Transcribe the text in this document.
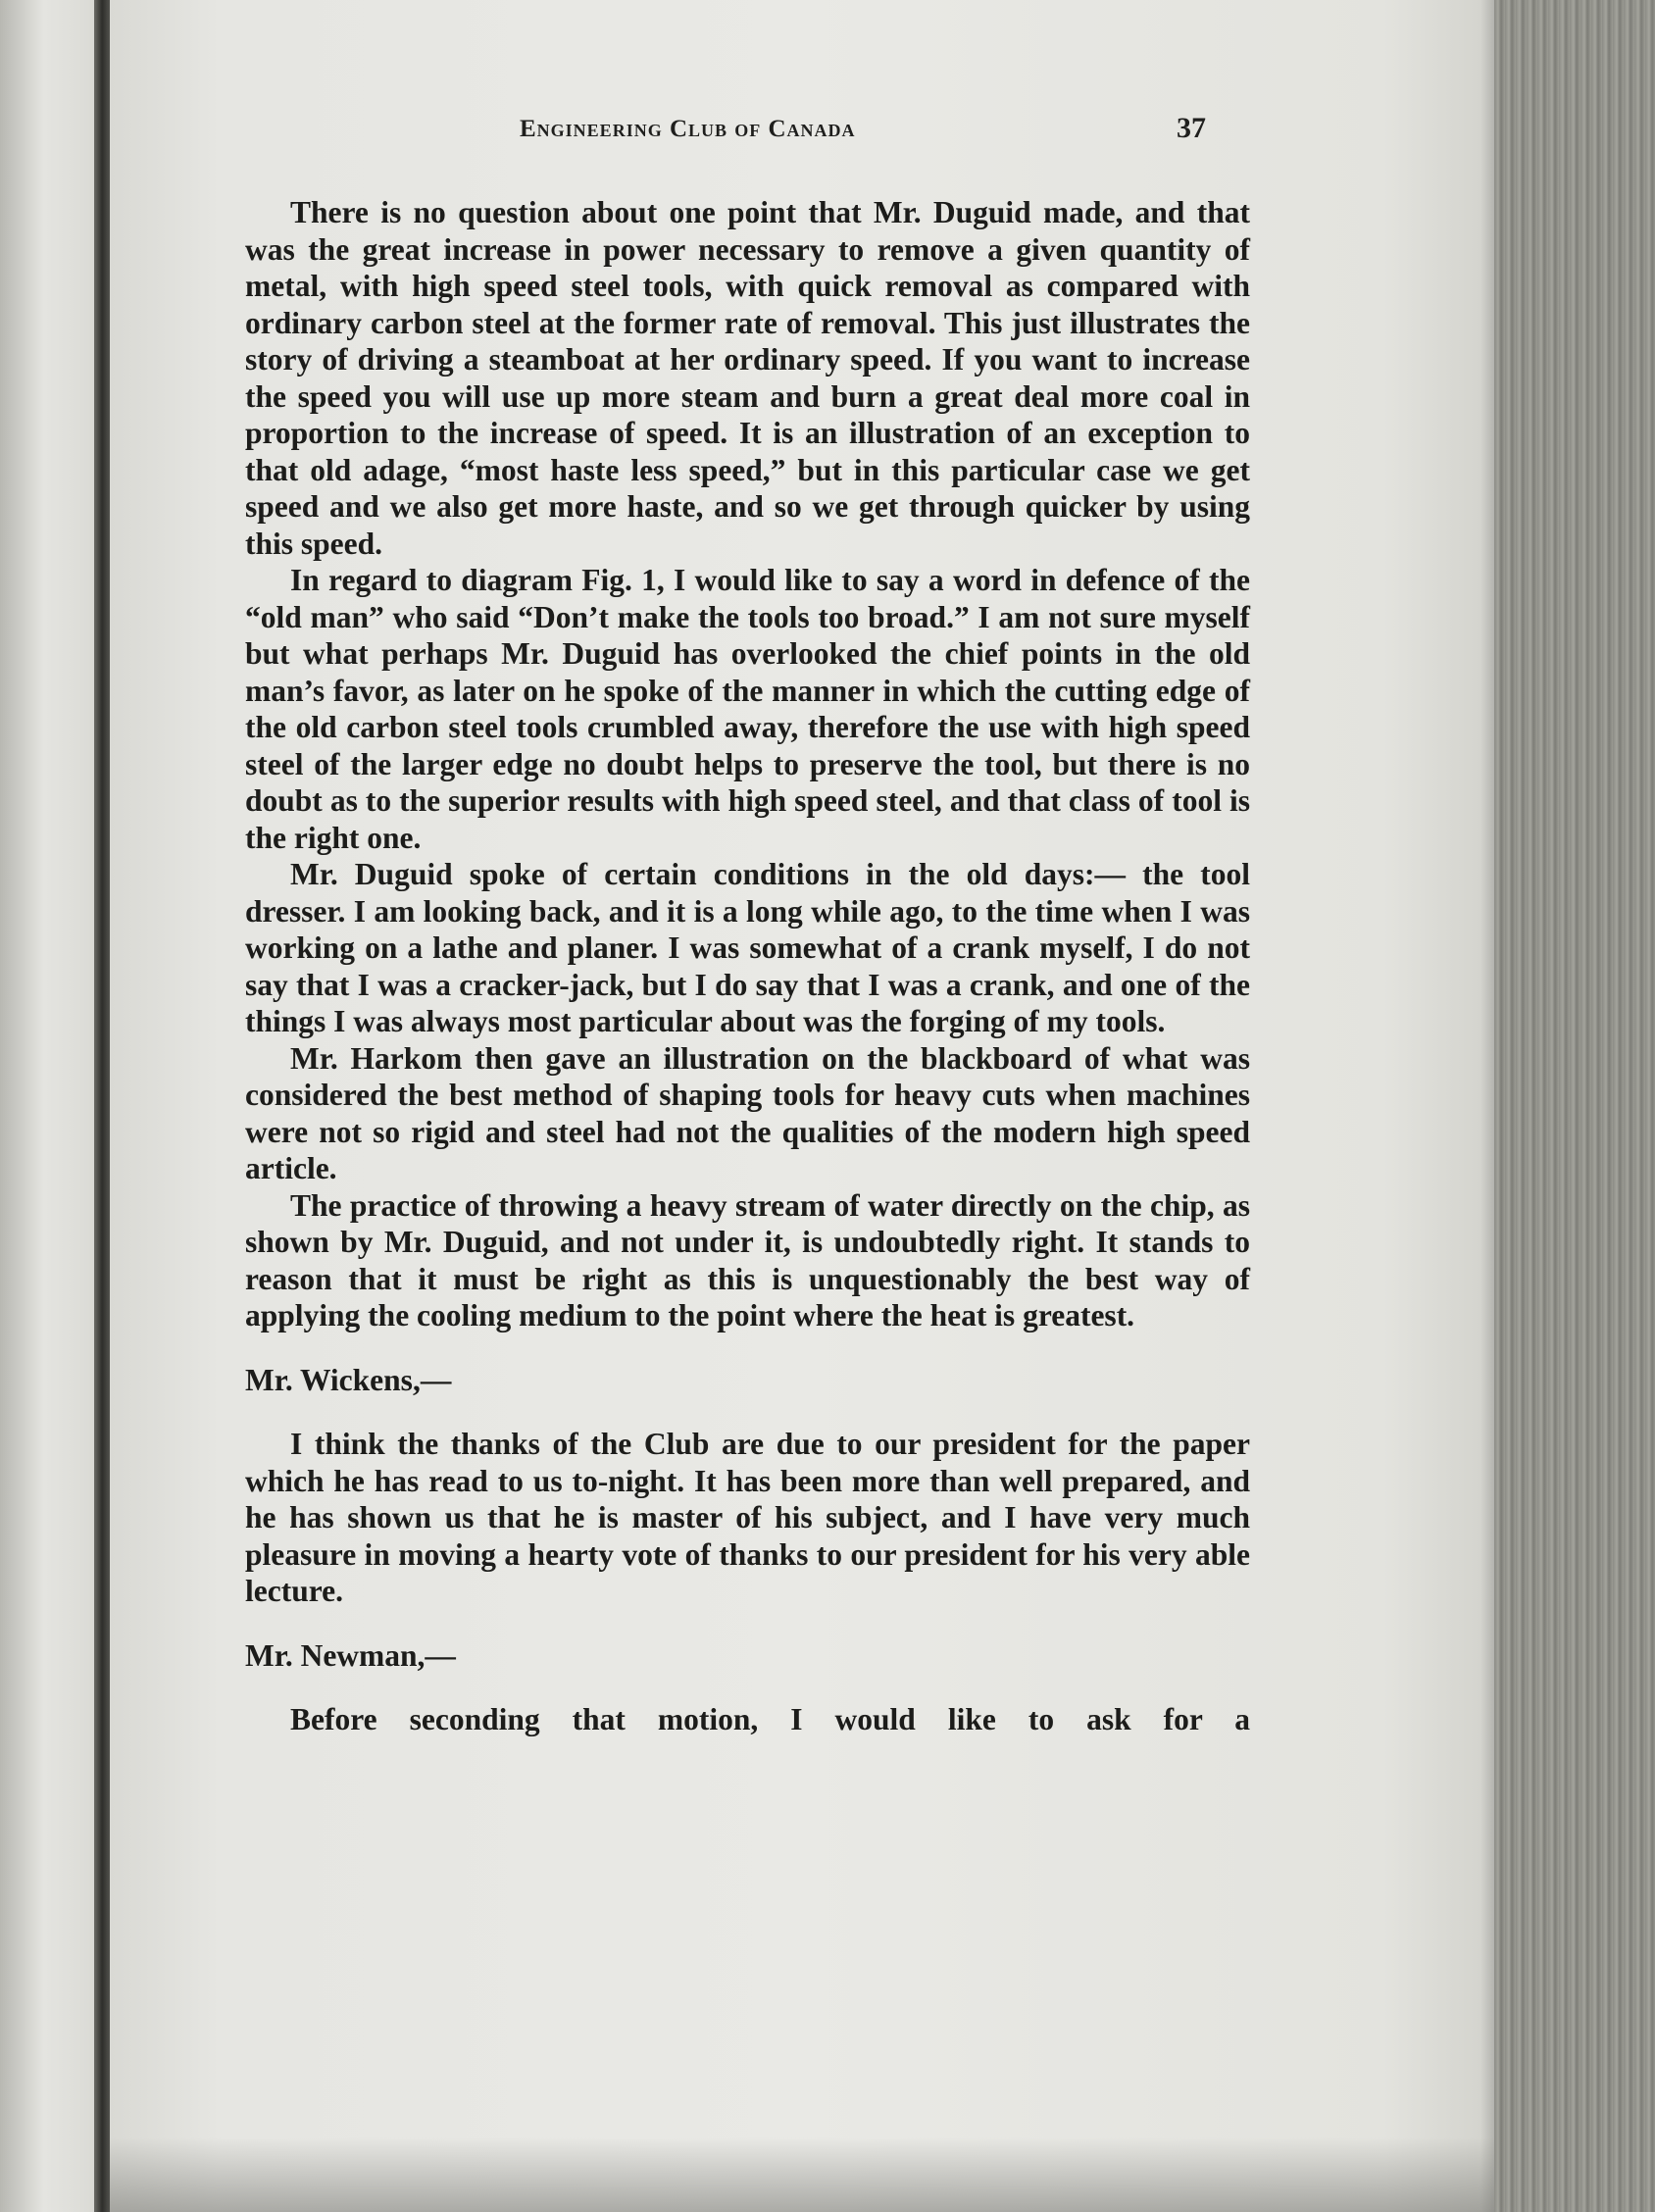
Engineering Club of Canada	37

There is no question about one point that Mr. Duguid made, and that was the great increase in power necessary to remove a given quantity of metal, with high speed steel tools, with quick removal as compared with ordinary carbon steel at the former rate of removal. This just illustrates the story of driving a steamboat at her ordinary speed. If you want to increase the speed you will use up more steam and burn a great deal more coal in proportion to the increase of speed. It is an illustration of an exception to that old adage, “most haste less speed,” but in this particular case we get speed and we also get more haste, and so we get through quicker by using this speed.

In regard to diagram Fig. 1, I would like to say a word in defence of the “old man” who said “Don’t make the tools too broad.” I am not sure myself but what perhaps Mr. Duguid has overlooked the chief points in the old man’s favor, as later on he spoke of the manner in which the cutting edge of the old carbon steel tools crumbled away, therefore the use with high speed steel of the larger edge no doubt helps to preserve the tool, but there is no doubt as to the superior results with high speed steel, and that class of tool is the right one.

Mr. Duguid spoke of certain conditions in the old days:— the tool dresser. I am looking back, and it is a long while ago, to the time when I was working on a lathe and planer. I was somewhat of a crank myself, I do not say that I was a cracker-jack, but I do say that I was a crank, and one of the things I was always most particular about was the forging of my tools.

Mr. Harkom then gave an illustration on the blackboard of what was considered the best method of shaping tools for heavy cuts when machines were not so rigid and steel had not the qualities of the modern high speed article.

The practice of throwing a heavy stream of water directly on the chip, as shown by Mr. Duguid, and not under it, is undoubtedly right. It stands to reason that it must be right as this is unquestionably the best way of applying the cooling medium to the point where the heat is greatest.

Mr. Wickens,—

I think the thanks of the Club are due to our president for the paper which he has read to us to-night. It has been more than well prepared, and he has shown us that he is master of his subject, and I have very much pleasure in moving a hearty vote of thanks to our president for his very able lecture.

Mr. Newman,—

Before seconding that motion, I would like to ask for a
